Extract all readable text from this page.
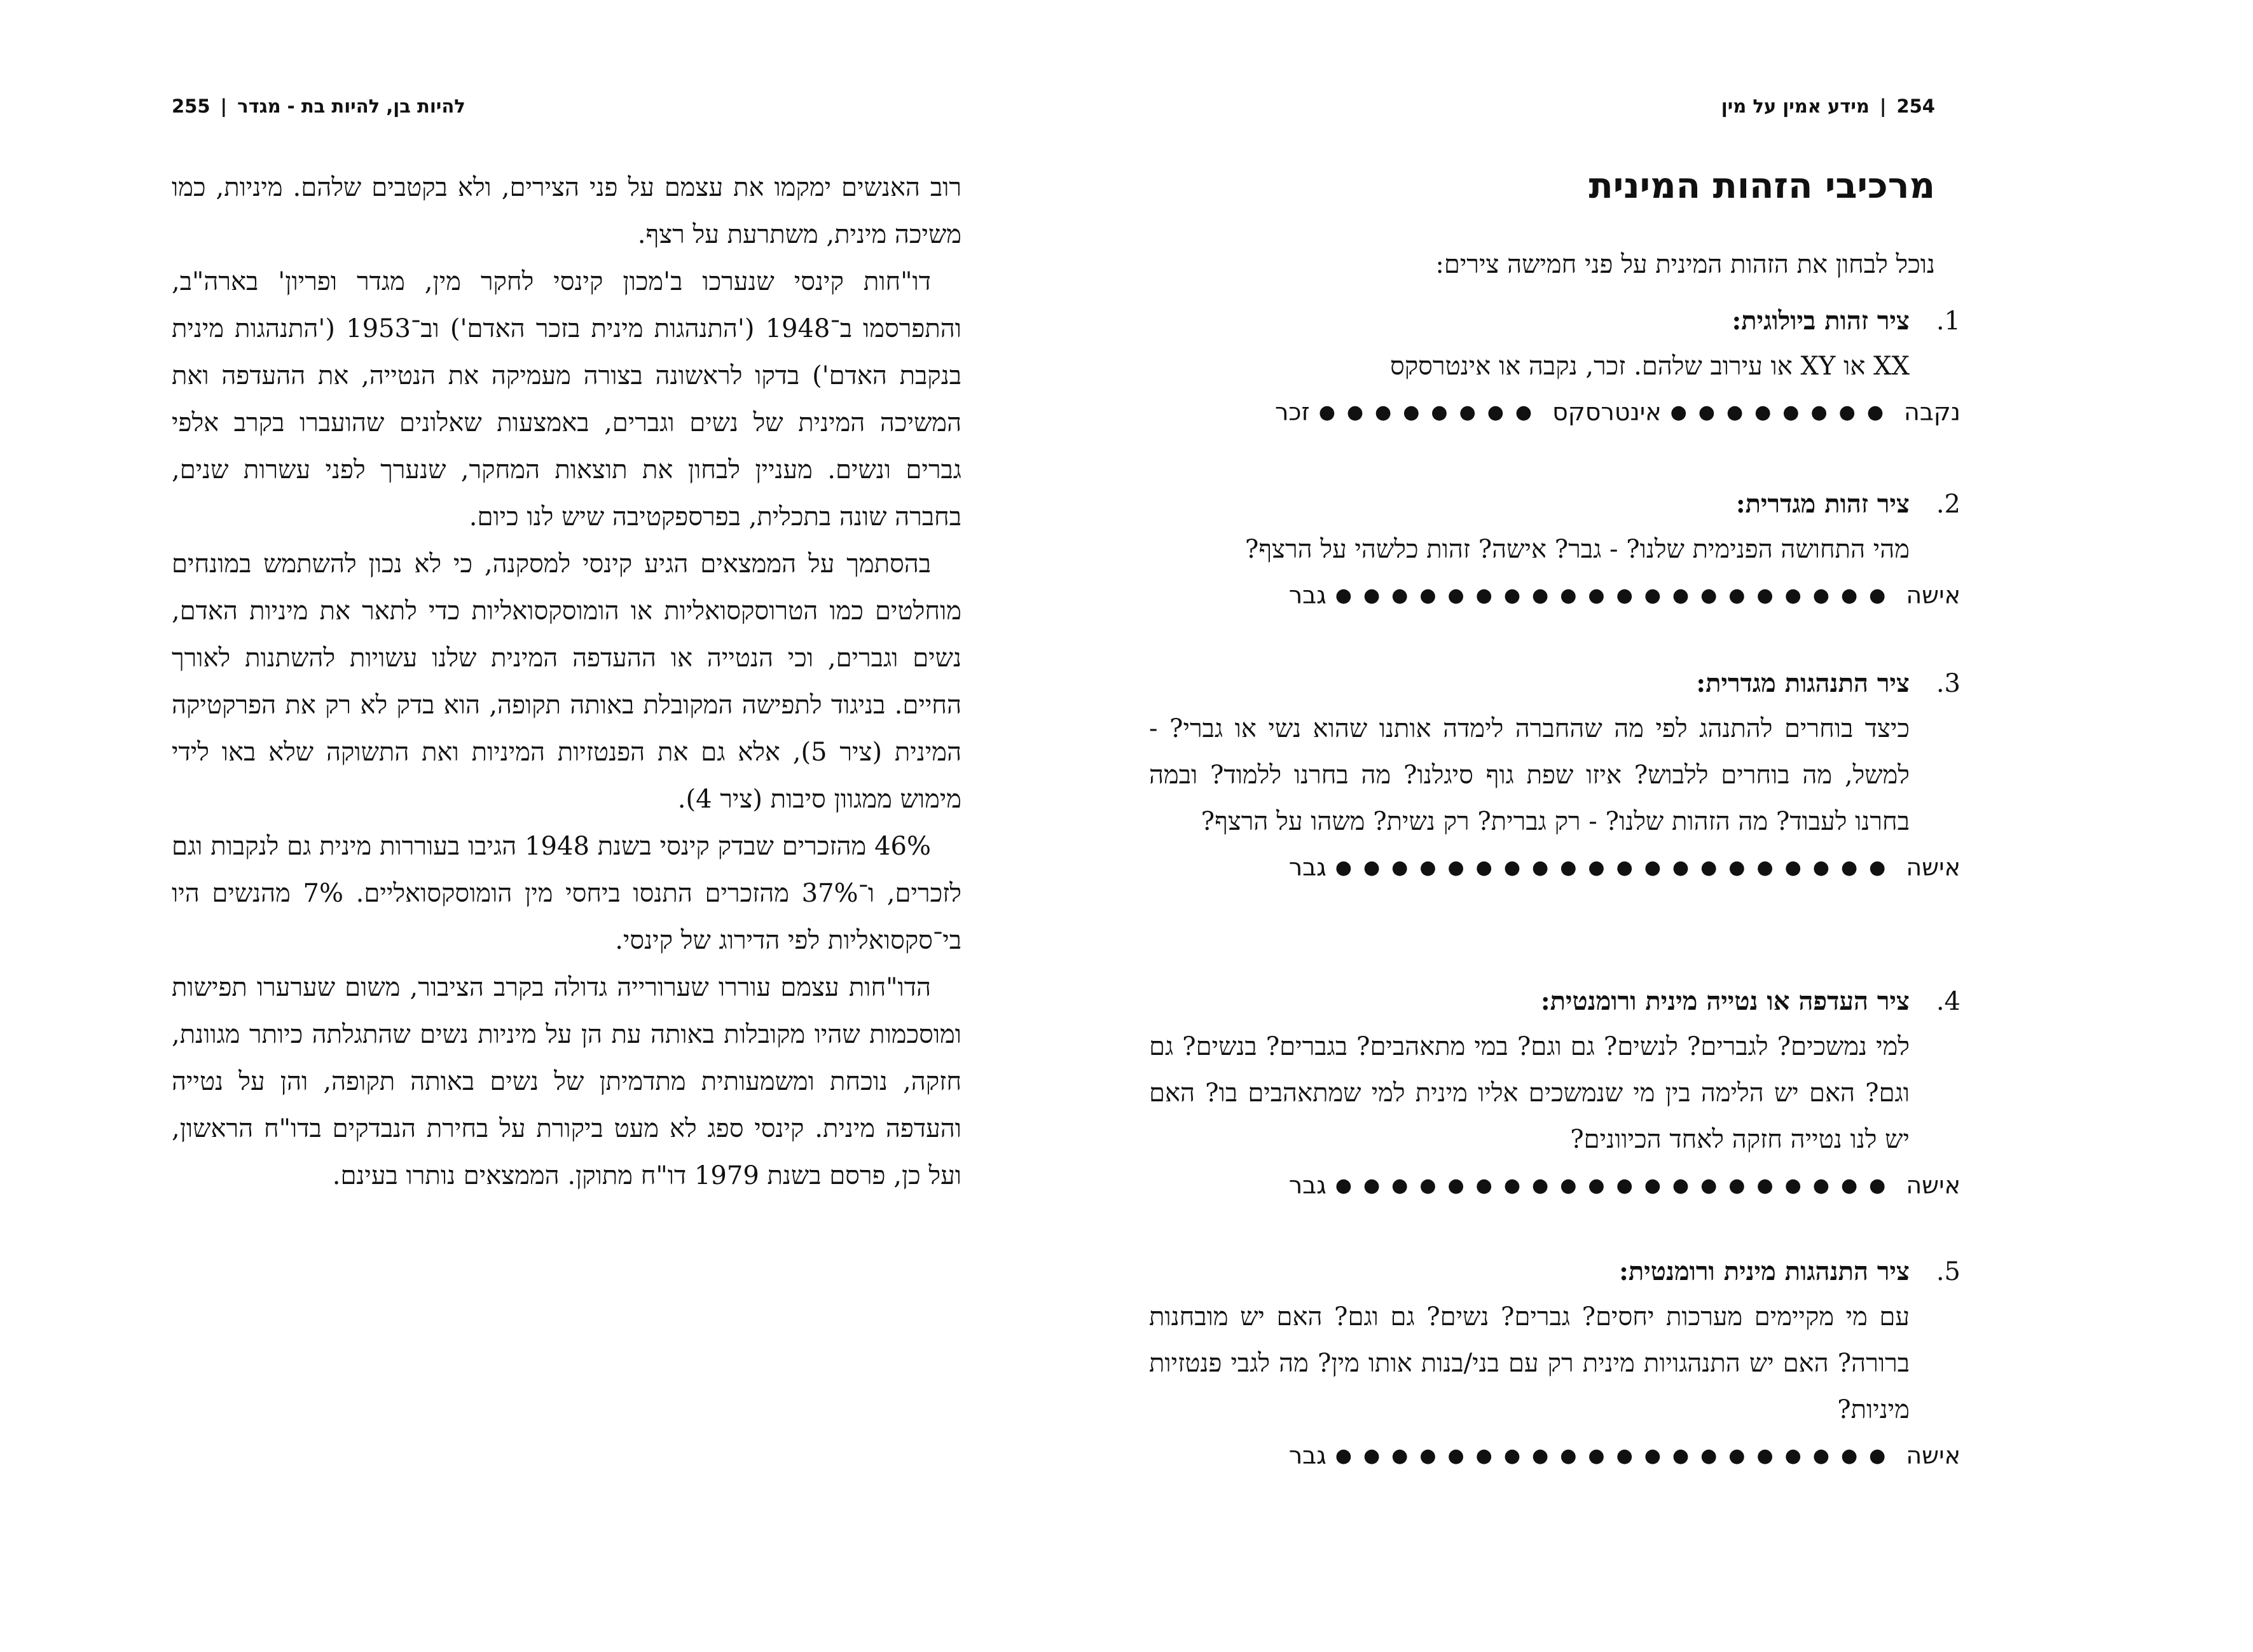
255 | להיות בן, להיות בת - מגדר

רוב האנשים ימקמו את עצמם על פני הצירים, ולא בקטבים שלהם. מיניות, כמו משיכה מינית, משתרעת על רצף.

דו"חות קינסי שנערכו ב'מכון קינסי לחקר מין, מגדר ופריון' בארה"ב, והתפרסמו ב־1948 ('התנהגות מינית בזכר האדם') וב־1953 ('התנהגות מינית בנקבת האדם') בדקו לראשונה בצורה מעמיקה את הנטייה, את ההעדפה ואת המשיכה המינית של נשים וגברים, באמצעות שאלונים שהועברו בקרב אלפי גברים ונשים. מעניין לבחון את תוצאות המחקר, שנערך לפני עשרות שנים, בחברה שונה בתכלית, בפרספקטיבה שיש לנו כיום.

בהסתמך על הממצאים הגיע קינסי למסקנה, כי לא נכון להשתמש במונחים מוחלטים כמו הטרוסקסואליות או הומוסקסואליות כדי לתאר את מיניות האדם, נשים וגברים, וכי הנטייה או ההעדפה המינית שלנו עשויות להשתנות לאורך החיים. בניגוד לתפישה המקובלת באותה תקופה, הוא בדק לא רק את הפרקטיקה המינית (ציר 5), אלא גם את הפנטזיות המיניות ואת התשוקה שלא באו לידי מימוש ממגוון סיבות (ציר 4).

46% מהזכרים שבדק קינסי בשנת 1948 הגיבו בעוררות מינית גם לנקבות וגם לזכרים, ו־37% מהזכרים התנסו ביחסי מין הומוסקסואליים. 7% מהנשים היו בי־סקסואליות לפי הדירוג של קינסי.

הדו"חות עצמם עוררו שערורייה גדולה בקרב הציבור, משום שערערו תפישות ומוסכמות שהיו מקובלות באותה עת הן על מיניות נשים שהתגלתה כיותר מגוונת, חזקה, נוכחת ומשמעותית מתדמיתן של נשים באותה תקופה, והן על נטייה והעדפה מינית. קינסי ספג לא מעט ביקורת על בחירת הנבדקים בדו"ח הראשון, ועל כן, פרסם בשנת 1979 דו"ח מתוקן. הממצאים נותרו בעינם.

254|מידע אמין על מין
מרכיבי הזהות המינית
נוכל לבחון את הזהות המינית על פני חמישה צירים:
1.ציר זהות ביולוגית:
XX או XY או עירוב שלהם. זכר, נקבה או אינטרסקס
נקבה
●●●●●●●●
אינטרסקס
●●●●●●●●
זכר
2.ציר זהות מגדרית:
מהי התחושה הפנימית שלנו? - גבר? אישה? זהות כלשהי על הרצף?
אישה
●●●●●●●●●●●●●●●●●●●●
גבר
3.ציר התנהגות מגדרית:
כיצד בוחרים להתנהג לפי מה שהחברה לימדה אותנו שהוא נשי או גברי? - למשל, מה בוחרים ללבוש? איזו שפת גוף סיגלנו? מה בחרנו ללמוד? ובמה בחרנו לעבוד? מה הזהות שלנו? - רק גברית? רק נשית? משהו על הרצף?
אישה
●●●●●●●●●●●●●●●●●●●●
גבר
4.ציר העדפה או נטייה מינית ורומנטית:
למי נמשכים? לגברים? לנשים? גם וגם? במי מתאהבים? בגברים? בנשים? גם וגם? האם יש הלימה בין מי שנמשכים אליו מינית למי שמתאהבים בו? האם יש לנו נטייה חזקה לאחד הכיוונים?
אישה
●●●●●●●●●●●●●●●●●●●●
גבר
5.ציר התנהגות מינית ורומנטית:
עם מי מקיימים מערכות יחסים? גברים? נשים? גם וגם? האם יש מובחנות ברורה? האם יש התנהגויות מינית רק עם בני/בנות אותו מין? מה לגבי פנטזיות מיניות?
אישה
●●●●●●●●●●●●●●●●●●●●
גבר
